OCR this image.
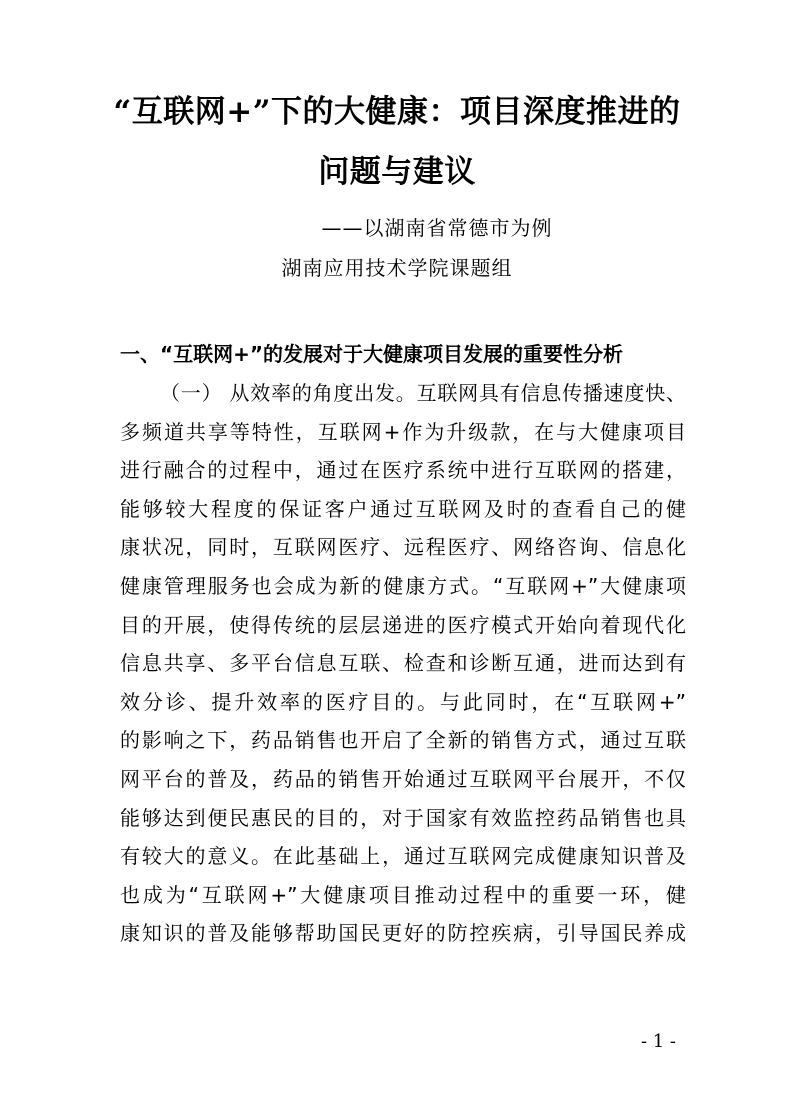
“互联网+”下的大健康：项目深度推进的
问题与建议
——以湖南省常德市为例
湖南应用技术学院课题组
一、“互联网+”的发展对于大健康项目发展的重要性分析
（一） 从效率的角度出发。互联网具有信息传播速度快、
多频道共享等特性，互联网+作为升级款，在与大健康项目
进行融合的过程中，通过在医疗系统中进行互联网的搭建，
能够较大程度的保证客户通过互联网及时的查看自己的健
康状况，同时，互联网医疗、远程医疗、网络咨询、信息化
健康管理服务也会成为新的健康方式。“互联网+”大健康项
目的开展，使得传统的层层递进的医疗模式开始向着现代化
信息共享、多平台信息互联、检查和诊断互通，进而达到有
效分诊、提升效率的医疗目的。与此同时，在“互联网+”
的影响之下，药品销售也开启了全新的销售方式，通过互联
网平台的普及，药品的销售开始通过互联网平台展开，不仅
能够达到便民惠民的目的，对于国家有效监控药品销售也具
有较大的意义。在此基础上，通过互联网完成健康知识普及
也成为“互联网+”大健康项目推动过程中的重要一环，健
康知识的普及能够帮助国民更好的防控疾病，引导国民养成
- 1 -
